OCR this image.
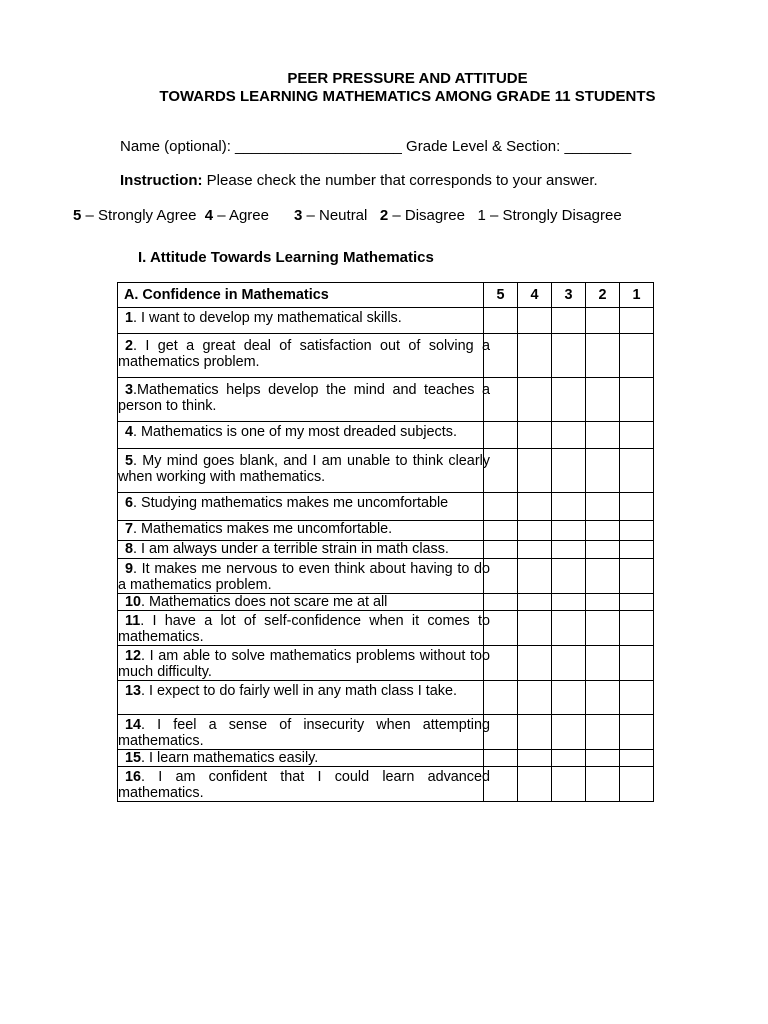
PEER PRESSURE AND ATTITUDE
TOWARDS LEARNING MATHEMATICS AMONG GRADE 11 STUDENTS
Name (optional): ____________________ Grade Level & Section: ________
Instruction: Please check the number that corresponds to your answer.
5 – Strongly Agree  4 – Agree      3 – Neutral   2 – Disagree   1 – Strongly Disagree
I. Attitude Towards Learning Mathematics
A. Confidence in Mathematics	5	4	3	2	1

1. I want to develop my mathematical skills.					

2. I get a great deal of satisfaction out of solving a mathematics problem.					

3.Mathematics helps develop the mind and teaches a person to think.					

4. Mathematics is one of my most dreaded subjects.					

5. My mind goes blank, and I am unable to think clearly when working with mathematics.					

6. Studying mathematics makes me uncomfortable					

7. Mathematics makes me uncomfortable.					

8. I am always under a terrible strain in math class.					

9. It makes me nervous to even think about having to do a mathematics problem.					

10. Mathematics does not scare me at all					

11. I have a lot of self-confidence when it comes to mathematics.					

12. I am able to solve mathematics problems without too much difficulty.					

13. I expect to do fairly well in any math class I take.					

14. I feel a sense of insecurity when attempting mathematics.					

15. I learn mathematics easily.					

16. I am confident that I could learn advanced mathematics.					
